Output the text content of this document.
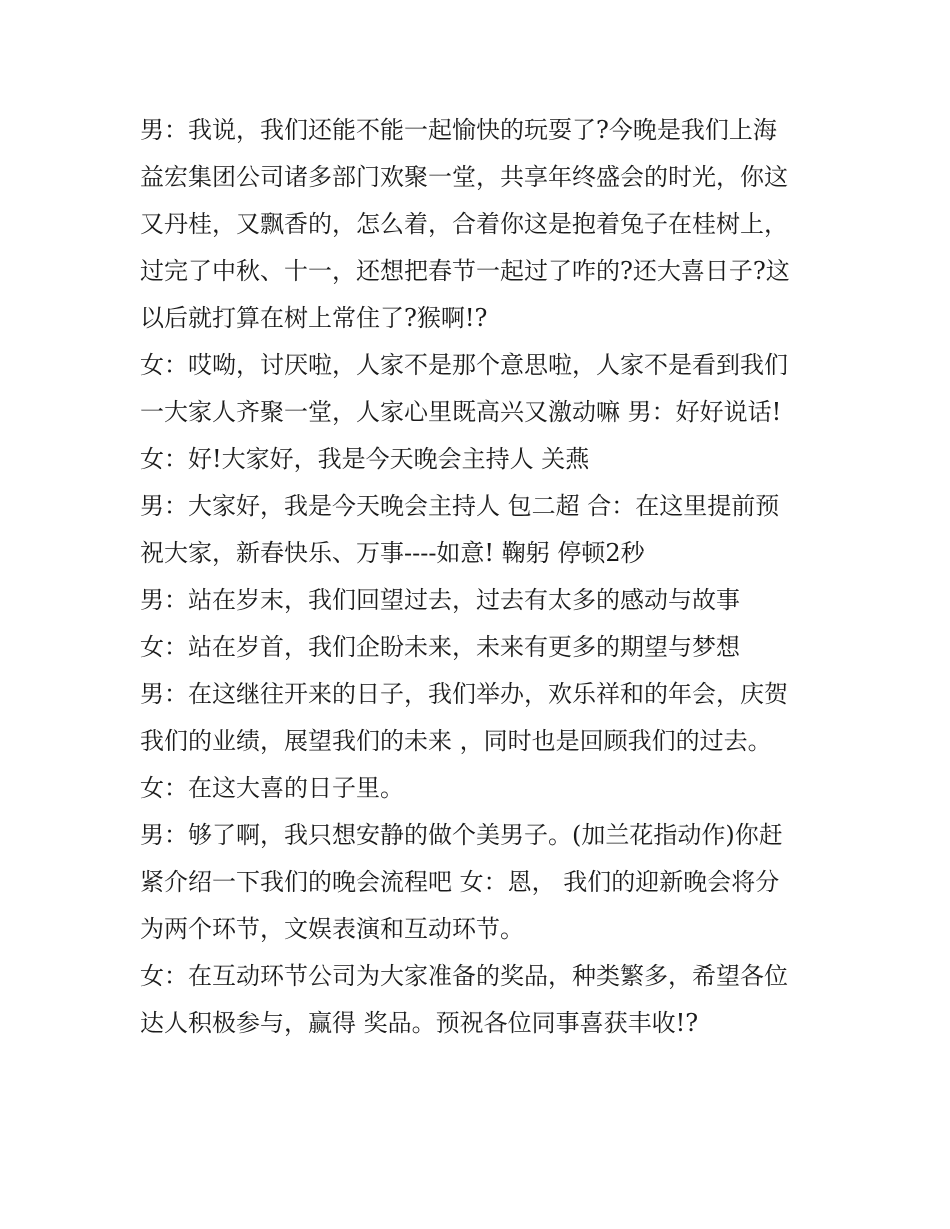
男：我说，我们还能不能一起愉快的玩耍了?今晚是我们上海
益宏集团公司诸多部门欢聚一堂，共享年终盛会的时光，你这
又丹桂，又飘香的，怎么着，合着你这是抱着兔子在桂树上，
过完了中秋、十一，还想把春节一起过了咋的?还大喜日子?这
以后就打算在树上常住了?猴啊!?
女：哎呦，讨厌啦，人家不是那个意思啦，人家不是看到我们
一大家人齐聚一堂，人家心里既高兴又激动嘛 男：好好说话!
女：好!大家好，我是今天晚会主持人 关燕
男：大家好，我是今天晚会主持人 包二超 合：在这里提前预
祝大家，新春快乐、万事----如意! 鞠躬 停顿2秒
男：站在岁末，我们回望过去，过去有太多的感动与故事
女：站在岁首，我们企盼未来，未来有更多的期望与梦想
男：在这继往开来的日子，我们举办，欢乐祥和的年会，庆贺
我们的业绩，展望我们的未来 ，同时也是回顾我们的过去。
女：在这大喜的日子里。
男：够了啊，我只想安静的做个美男子。(加兰花指动作)你赶
紧介绍一下我们的晚会流程吧 女：恩， 我们的迎新晚会将分
为两个环节，文娱表演和互动环节。
女：在互动环节公司为大家准备的奖品，种类繁多，希望各位
达人积极参与，赢得 奖品。预祝各位同事喜获丰收!?
